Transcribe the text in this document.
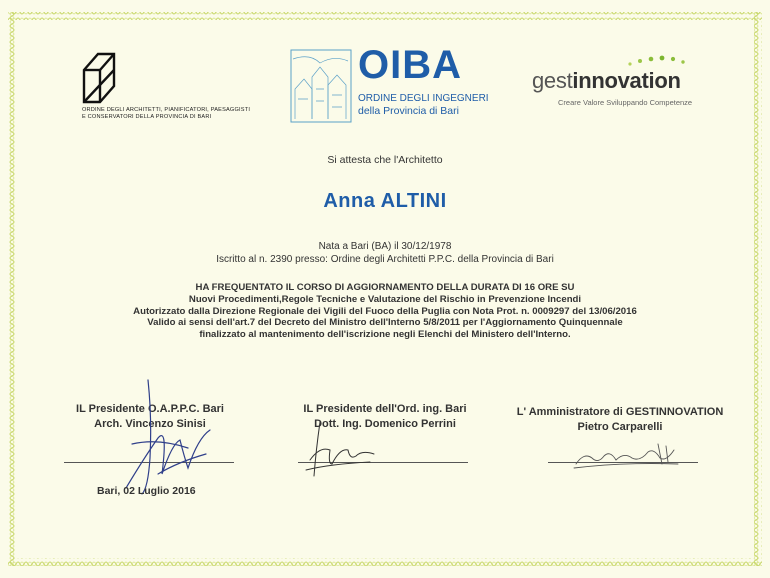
ORDINE DEGLI ARCHITETTI, PIANIFICATORI, PAESAGGISTI
E CONSERVATORI DELLA PROVINCIA DI BARI
OIBA
ORDINE DEGLI INGEGNERI
della Provincia di Bari
gestinnovation
Creare Valore Sviluppando Competenze
Si attesta che l'Architetto
Anna ALTINI
Nata a Bari (BA) il 30/12/1978
Iscritto al n. 2390 presso: Ordine degli Architetti P.P.C. della Provincia di Bari
HA FREQUENTATO IL CORSO DI AGGIORNAMENTO DELLA DURATA DI 16 ORE SU
Nuovi Procedimenti,Regole Tecniche e Valutazione del Rischio in Prevenzione Incendi
Autorizzato dalla Direzione Regionale dei Vigili del Fuoco della Puglia con Nota Prot. n. 0009297 del 13/06/2016
Valido ai sensi dell'art.7 del Decreto del Ministro dell'Interno 5/8/2011 per l'Aggiornamento Quinquennale
finalizzato al mantenimento dell'iscrizione negli Elenchi del Ministero dell'Interno.
IL Presidente O.A.P.P.C. Bari
Arch. Vincenzo Sinisi
IL Presidente dell'Ord. ing. Bari
Dott. Ing. Domenico Perrini
L' Amministratore di GESTINNOVATION
Pietro Carparelli
Bari, 02 Luglio 2016
